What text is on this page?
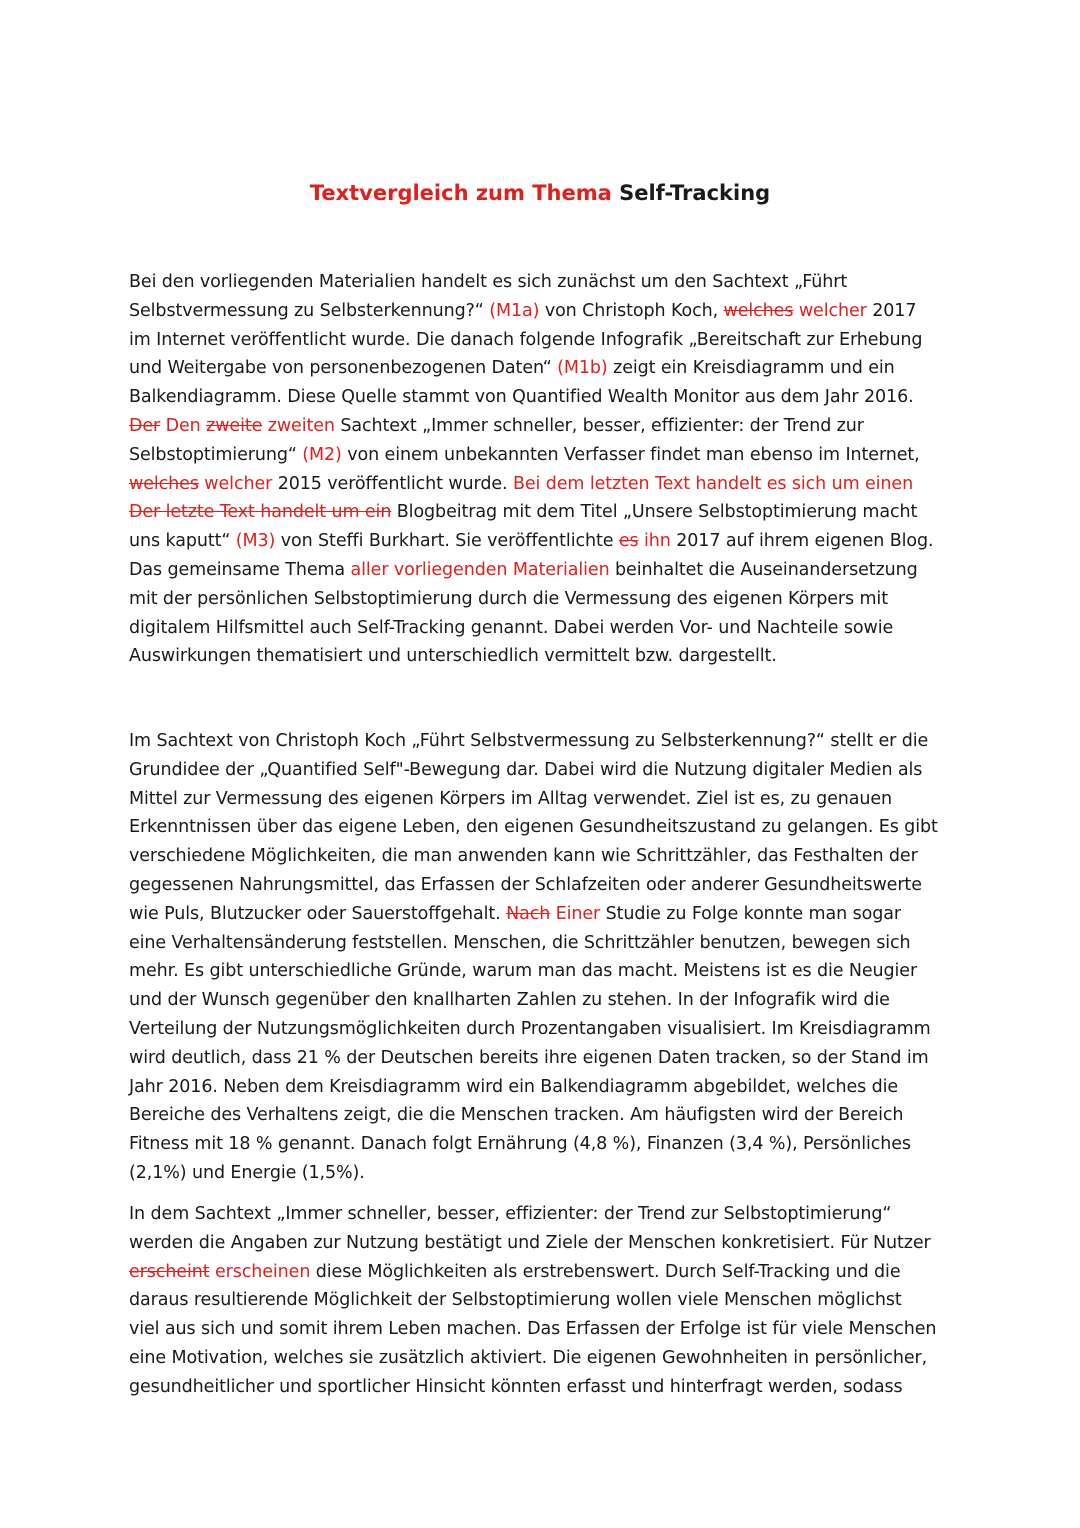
Textvergleich zum Thema Self-Tracking

Bei den vorliegenden Materialien handelt es sich zunächst um den Sachtext „Führt
Selbstvermessung zu Selbsterkennung?“ (M1a) von Christoph Koch, welches welcher 2017
im Internet veröffentlicht wurde. Die danach folgende Infografik „Bereitschaft zur Erhebung
und Weitergabe von personenbezogenen Daten“ (M1b) zeigt ein Kreisdiagramm und ein
Balkendiagramm. Diese Quelle stammt von Quantified Wealth Monitor aus dem Jahr 2016.
Der Den zweite zweiten Sachtext „Immer schneller, besser, effizienter: der Trend zur
Selbstoptimierung“ (M2) von einem unbekannten Verfasser findet man ebenso im Internet,
welches welcher 2015 veröffentlicht wurde. Bei dem letzten Text handelt es sich um einen
Der letzte Text handelt um ein Blogbeitrag mit dem Titel „Unsere Selbstoptimierung macht
uns kaputt“ (M3) von Steffi Burkhart. Sie veröffentlichte es ihn 2017 auf ihrem eigenen Blog.
Das gemeinsame Thema aller vorliegenden Materialien beinhaltet die Auseinandersetzung
mit der persönlichen Selbstoptimierung durch die Vermessung des eigenen Körpers mit
digitalem Hilfsmittel auch Self-Tracking genannt. Dabei werden Vor- und Nachteile sowie
Auswirkungen thematisiert und unterschiedlich vermittelt bzw. dargestellt.

Im Sachtext von Christoph Koch „Führt Selbstvermessung zu Selbsterkennung?“ stellt er die
Grundidee der „Quantified Self"-Bewegung dar. Dabei wird die Nutzung digitaler Medien als
Mittel zur Vermessung des eigenen Körpers im Alltag verwendet. Ziel ist es, zu genauen
Erkenntnissen über das eigene Leben, den eigenen Gesundheitszustand zu gelangen. Es gibt
verschiedene Möglichkeiten, die man anwenden kann wie Schrittzähler, das Festhalten der
gegessenen Nahrungsmittel, das Erfassen der Schlafzeiten oder anderer Gesundheitswerte
wie Puls, Blutzucker oder Sauerstoffgehalt. Nach Einer Studie zu Folge konnte man sogar
eine Verhaltensänderung feststellen. Menschen, die Schrittzähler benutzen, bewegen sich
mehr. Es gibt unterschiedliche Gründe, warum man das macht. Meistens ist es die Neugier
und der Wunsch gegenüber den knallharten Zahlen zu stehen. In der Infografik wird die
Verteilung der Nutzungsmöglichkeiten durch Prozentangaben visualisiert. Im Kreisdiagramm
wird deutlich, dass 21 % der Deutschen bereits ihre eigenen Daten tracken, so der Stand im
Jahr 2016. Neben dem Kreisdiagramm wird ein Balkendiagramm abgebildet, welches die
Bereiche des Verhaltens zeigt, die die Menschen tracken. Am häufigsten wird der Bereich
Fitness mit 18 % genannt. Danach folgt Ernährung (4,8 %), Finanzen (3,4 %), Persönliches
(2,1%) und Energie (1,5%).

In dem Sachtext „Immer schneller, besser, effizienter: der Trend zur Selbstoptimierung“
werden die Angaben zur Nutzung bestätigt und Ziele der Menschen konkretisiert. Für Nutzer
erscheint erscheinen diese Möglichkeiten als erstrebenswert. Durch Self-Tracking und die
daraus resultierende Möglichkeit der Selbstoptimierung wollen viele Menschen möglichst
viel aus sich und somit ihrem Leben machen. Das Erfassen der Erfolge ist für viele Menschen
eine Motivation, welches sie zusätzlich aktiviert. Die eigenen Gewohnheiten in persönlicher,
gesundheitlicher und sportlicher Hinsicht könnten erfasst und hinterfragt werden, sodass
